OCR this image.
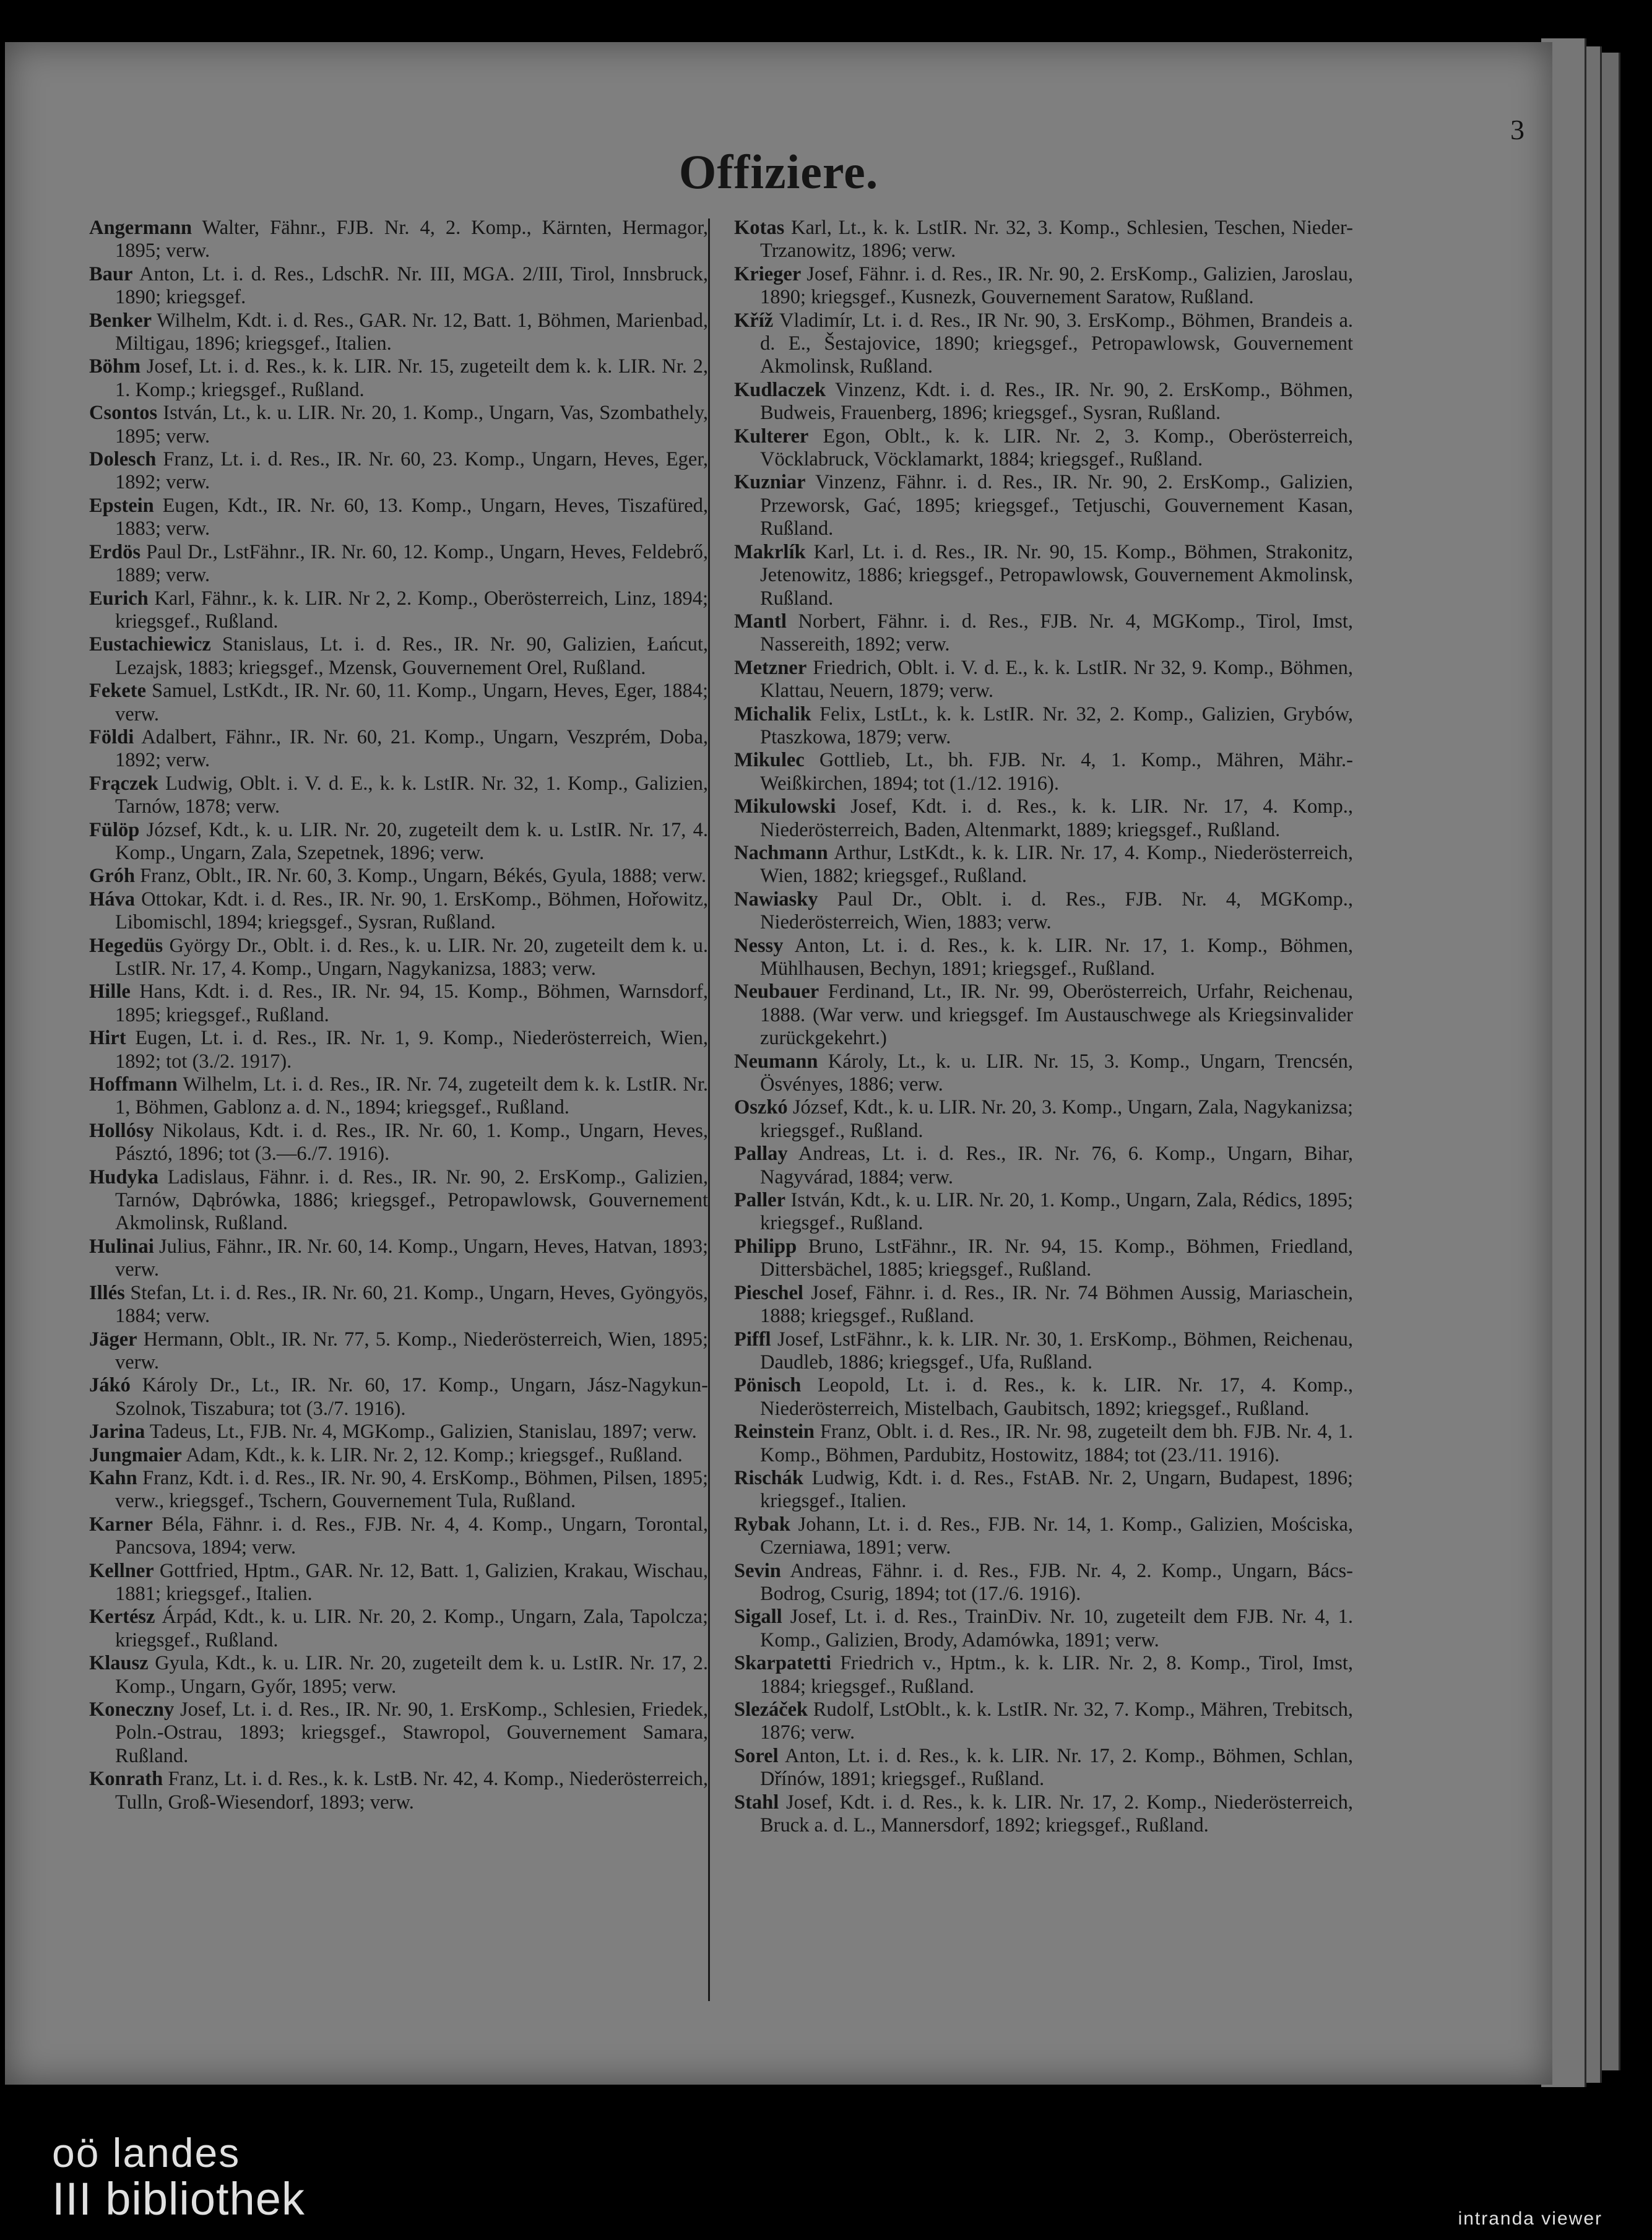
3
Offiziere.

Angermann Walter, Fähnr., FJB. Nr. 4, 2. Komp., Kärnten, Hermagor, 1895; verw.

Baur Anton, Lt. i. d. Res., LdschR. Nr. III, MGA. 2/III, Tirol, Innsbruck, 1890; kriegsgef.

Benker Wilhelm, Kdt. i. d. Res., GAR. Nr. 12, Batt. 1, Böhmen, Marienbad, Miltigau, 1896; kriegsgef., Italien.

Böhm Josef, Lt. i. d. Res., k. k. LIR. Nr. 15, zugeteilt dem k. k. LIR. Nr. 2, 1. Komp.; kriegsgef., Rußland.

Csontos István, Lt., k. u. LIR. Nr. 20, 1. Komp., Ungarn, Vas, Szombathely, 1895; verw.

Dolesch Franz, Lt. i. d. Res., IR. Nr. 60, 23. Komp., Ungarn, Heves, Eger, 1892; verw.

Epstein Eugen, Kdt., IR. Nr. 60, 13. Komp., Ungarn, Heves, Tiszafüred, 1883; verw.

Erdös Paul Dr., LstFähnr., IR. Nr. 60, 12. Komp., Ungarn, Heves, Feldebrő, 1889; verw.

Eurich Karl, Fähnr., k. k. LIR. Nr 2, 2. Komp., Oberösterreich, Linz, 1894; kriegsgef., Rußland.

Eustachiewicz Stanislaus, Lt. i. d. Res., IR. Nr. 90, Galizien, Łańcut, Lezajsk, 1883; kriegsgef., Mzensk, Gouvernement Orel, Rußland.

Fekete Samuel, LstKdt., IR. Nr. 60, 11. Komp., Ungarn, Heves, Eger, 1884; verw.

Földi Adalbert, Fähnr., IR. Nr. 60, 21. Komp., Ungarn, Veszprém, Doba, 1892; verw.

Frączek Ludwig, Oblt. i. V. d. E., k. k. LstIR. Nr. 32, 1. Komp., Galizien, Tarnów, 1878; verw.

Fülöp József, Kdt., k. u. LIR. Nr. 20, zugeteilt dem k. u. LstIR. Nr. 17, 4. Komp., Ungarn, Zala, Szepetnek, 1896; verw.

Gróh Franz, Oblt., IR. Nr. 60, 3. Komp., Ungarn, Békés, Gyula, 1888; verw.

Háva Ottokar, Kdt. i. d. Res., IR. Nr. 90, 1. ErsKomp., Böhmen, Hořowitz, Libomischl, 1894; kriegsgef., Sysran, Rußland.

Hegedüs György Dr., Oblt. i. d. Res., k. u. LIR. Nr. 20, zugeteilt dem k. u. LstIR. Nr. 17, 4. Komp., Ungarn, Nagykanizsa, 1883; verw.

Hille Hans, Kdt. i. d. Res., IR. Nr. 94, 15. Komp., Böhmen, Warnsdorf, 1895; kriegsgef., Rußland.

Hirt Eugen, Lt. i. d. Res., IR. Nr. 1, 9. Komp., Niederösterreich, Wien, 1892; tot (3./2. 1917).

Hoffmann Wilhelm, Lt. i. d. Res., IR. Nr. 74, zugeteilt dem k. k. LstIR. Nr. 1, Böhmen, Gablonz a. d. N., 1894; kriegsgef., Rußland.

Hollósy Nikolaus, Kdt. i. d. Res., IR. Nr. 60, 1. Komp., Ungarn, Heves, Pásztó, 1896; tot (3.—6./7. 1916).

Hudyka Ladislaus, Fähnr. i. d. Res., IR. Nr. 90, 2. ErsKomp., Galizien, Tarnów, Dąbrówka, 1886; kriegsgef., Petropawlowsk, Gouvernement Akmolinsk, Rußland.

Hulinai Julius, Fähnr., IR. Nr. 60, 14. Komp., Ungarn, Heves, Hatvan, 1893; verw.

Illés Stefan, Lt. i. d. Res., IR. Nr. 60, 21. Komp., Ungarn, Heves, Gyöngyös, 1884; verw.

Jäger Hermann, Oblt., IR. Nr. 77, 5. Komp., Niederösterreich, Wien, 1895; verw.

Jákó Károly Dr., Lt., IR. Nr. 60, 17. Komp., Ungarn, Jász-Nagykun-Szolnok, Tiszabura; tot (3./7. 1916).

Jarina Tadeus, Lt., FJB. Nr. 4, MGKomp., Galizien, Stanislau, 1897; verw.

Jungmaier Adam, Kdt., k. k. LIR. Nr. 2, 12. Komp.; kriegsgef., Rußland.

Kahn Franz, Kdt. i. d. Res., IR. Nr. 90, 4. ErsKomp., Böhmen, Pilsen, 1895; verw., kriegsgef., Tschern, Gouvernement Tula, Rußland.

Karner Béla, Fähnr. i. d. Res., FJB. Nr. 4, 4. Komp., Ungarn, Torontal, Pancsova, 1894; verw.

Kellner Gottfried, Hptm., GAR. Nr. 12, Batt. 1, Galizien, Krakau, Wischau, 1881; kriegsgef., Italien.

Kertész Árpád, Kdt., k. u. LIR. Nr. 20, 2. Komp., Ungarn, Zala, Tapolcza; kriegsgef., Rußland.

Klausz Gyula, Kdt., k. u. LIR. Nr. 20, zugeteilt dem k. u. LstIR. Nr. 17, 2. Komp., Ungarn, Győr, 1895; verw.

Koneczny Josef, Lt. i. d. Res., IR. Nr. 90, 1. ErsKomp., Schlesien, Friedek, Poln.-Ostrau, 1893; kriegsgef., Stawropol, Gouvernement Samara, Rußland.

Konrath Franz, Lt. i. d. Res., k. k. LstB. Nr. 42, 4. Komp., Niederösterreich, Tulln, Groß-Wiesendorf, 1893; verw.

Kotas Karl, Lt., k. k. LstIR. Nr. 32, 3. Komp., Schlesien, Teschen, Nieder-Trzanowitz, 1896; verw.

Krieger Josef, Fähnr. i. d. Res., IR. Nr. 90, 2. ErsKomp., Galizien, Jaroslau, 1890; kriegsgef., Kusnezk, Gouvernement Saratow, Rußland.

Kříž Vladimír, Lt. i. d. Res., IR Nr. 90, 3. ErsKomp., Böhmen, Brandeis a. d. E., Šestajovice, 1890; kriegsgef., Petropawlowsk, Gouvernement Akmolinsk, Rußland.

Kudlaczek Vinzenz, Kdt. i. d. Res., IR. Nr. 90, 2. ErsKomp., Böhmen, Budweis, Frauenberg, 1896; kriegsgef., Sysran, Rußland.

Kulterer Egon, Oblt., k. k. LIR. Nr. 2, 3. Komp., Oberösterreich, Vöcklabruck, Vöcklamarkt, 1884; kriegsgef., Rußland.

Kuzniar Vinzenz, Fähnr. i. d. Res., IR. Nr. 90, 2. ErsKomp., Galizien, Przeworsk, Gać, 1895; kriegsgef., Tetjuschi, Gouvernement Kasan, Rußland.

Makrlík Karl, Lt. i. d. Res., IR. Nr. 90, 15. Komp., Böhmen, Strakonitz, Jetenowitz, 1886; kriegsgef., Petropawlowsk, Gouvernement Akmolinsk, Rußland.

Mantl Norbert, Fähnr. i. d. Res., FJB. Nr. 4, MGKomp., Tirol, Imst, Nassereith, 1892; verw.

Metzner Friedrich, Oblt. i. V. d. E., k. k. LstIR. Nr 32, 9. Komp., Böhmen, Klattau, Neuern, 1879; verw.

Michalik Felix, LstLt., k. k. LstIR. Nr. 32, 2. Komp., Galizien, Grybów, Ptaszkowa, 1879; verw.

Mikulec Gottlieb, Lt., bh. FJB. Nr. 4, 1. Komp., Mähren, Mähr.-Weißkirchen, 1894; tot (1./12. 1916).

Mikulowski Josef, Kdt. i. d. Res., k. k. LIR. Nr. 17, 4. Komp., Niederösterreich, Baden, Altenmarkt, 1889; kriegsgef., Rußland.

Nachmann Arthur, LstKdt., k. k. LIR. Nr. 17, 4. Komp., Niederösterreich, Wien, 1882; kriegsgef., Rußland.

Nawiasky Paul Dr., Oblt. i. d. Res., FJB. Nr. 4, MGKomp., Niederösterreich, Wien, 1883; verw.

Nessy Anton, Lt. i. d. Res., k. k. LIR. Nr. 17, 1. Komp., Böhmen, Mühlhausen, Bechyn, 1891; kriegsgef., Rußland.

Neubauer Ferdinand, Lt., IR. Nr. 99, Oberösterreich, Urfahr, Reichenau, 1888. (War verw. und kriegsgef. Im Austauschwege als Kriegsinvalider zurückgekehrt.)

Neumann Károly, Lt., k. u. LIR. Nr. 15, 3. Komp., Ungarn, Trencsén, Ösvényes, 1886; verw.

Oszkó József, Kdt., k. u. LIR. Nr. 20, 3. Komp., Ungarn, Zala, Nagykanizsa; kriegsgef., Rußland.

Pallay Andreas, Lt. i. d. Res., IR. Nr. 76, 6. Komp., Ungarn, Bihar, Nagyvárad, 1884; verw.

Paller István, Kdt., k. u. LIR. Nr. 20, 1. Komp., Ungarn, Zala, Rédics, 1895; kriegsgef., Rußland.

Philipp Bruno, LstFähnr., IR. Nr. 94, 15. Komp., Böhmen, Friedland, Dittersbächel, 1885; kriegsgef., Rußland.

Pieschel Josef, Fähnr. i. d. Res., IR. Nr. 74 Böhmen Aussig, Mariaschein, 1888; kriegsgef., Rußland.

Piffl Josef, LstFähnr., k. k. LIR. Nr. 30, 1. ErsKomp., Böhmen, Reichenau, Daudleb, 1886; kriegsgef., Ufa, Rußland.

Pönisch Leopold, Lt. i. d. Res., k. k. LIR. Nr. 17, 4. Komp., Niederösterreich, Mistelbach, Gaubitsch, 1892; kriegsgef., Rußland.

Reinstein Franz, Oblt. i. d. Res., IR. Nr. 98, zugeteilt dem bh. FJB. Nr. 4, 1. Komp., Böhmen, Pardubitz, Hostowitz, 1884; tot (23./11. 1916).

Rischák Ludwig, Kdt. i. d. Res., FstAB. Nr. 2, Ungarn, Budapest, 1896; kriegsgef., Italien.

Rybak Johann, Lt. i. d. Res., FJB. Nr. 14, 1. Komp., Galizien, Mościska, Czerniawa, 1891; verw.

Sevin Andreas, Fähnr. i. d. Res., FJB. Nr. 4, 2. Komp., Ungarn, Bács-Bodrog, Csurig, 1894; tot (17./6. 1916).

Sigall Josef, Lt. i. d. Res., TrainDiv. Nr. 10, zugeteilt dem FJB. Nr. 4, 1. Komp., Galizien, Brody, Adamówka, 1891; verw.

Skarpatetti Friedrich v., Hptm., k. k. LIR. Nr. 2, 8. Komp., Tirol, Imst, 1884; kriegsgef., Rußland.

Slezáček Rudolf, LstOblt., k. k. LstIR. Nr. 32, 7. Komp., Mähren, Trebitsch, 1876; verw.

Sorel Anton, Lt. i. d. Res., k. k. LIR. Nr. 17, 2. Komp., Böhmen, Schlan, Dřínów, 1891; kriegsgef., Rußland.

Stahl Josef, Kdt. i. d. Res., k. k. LIR. Nr. 17, 2. Komp., Niederösterreich, Bruck a. d. L., Mannersdorf, 1892; kriegsgef., Rußland.

oö landes
III bibliothek	intranda viewer
